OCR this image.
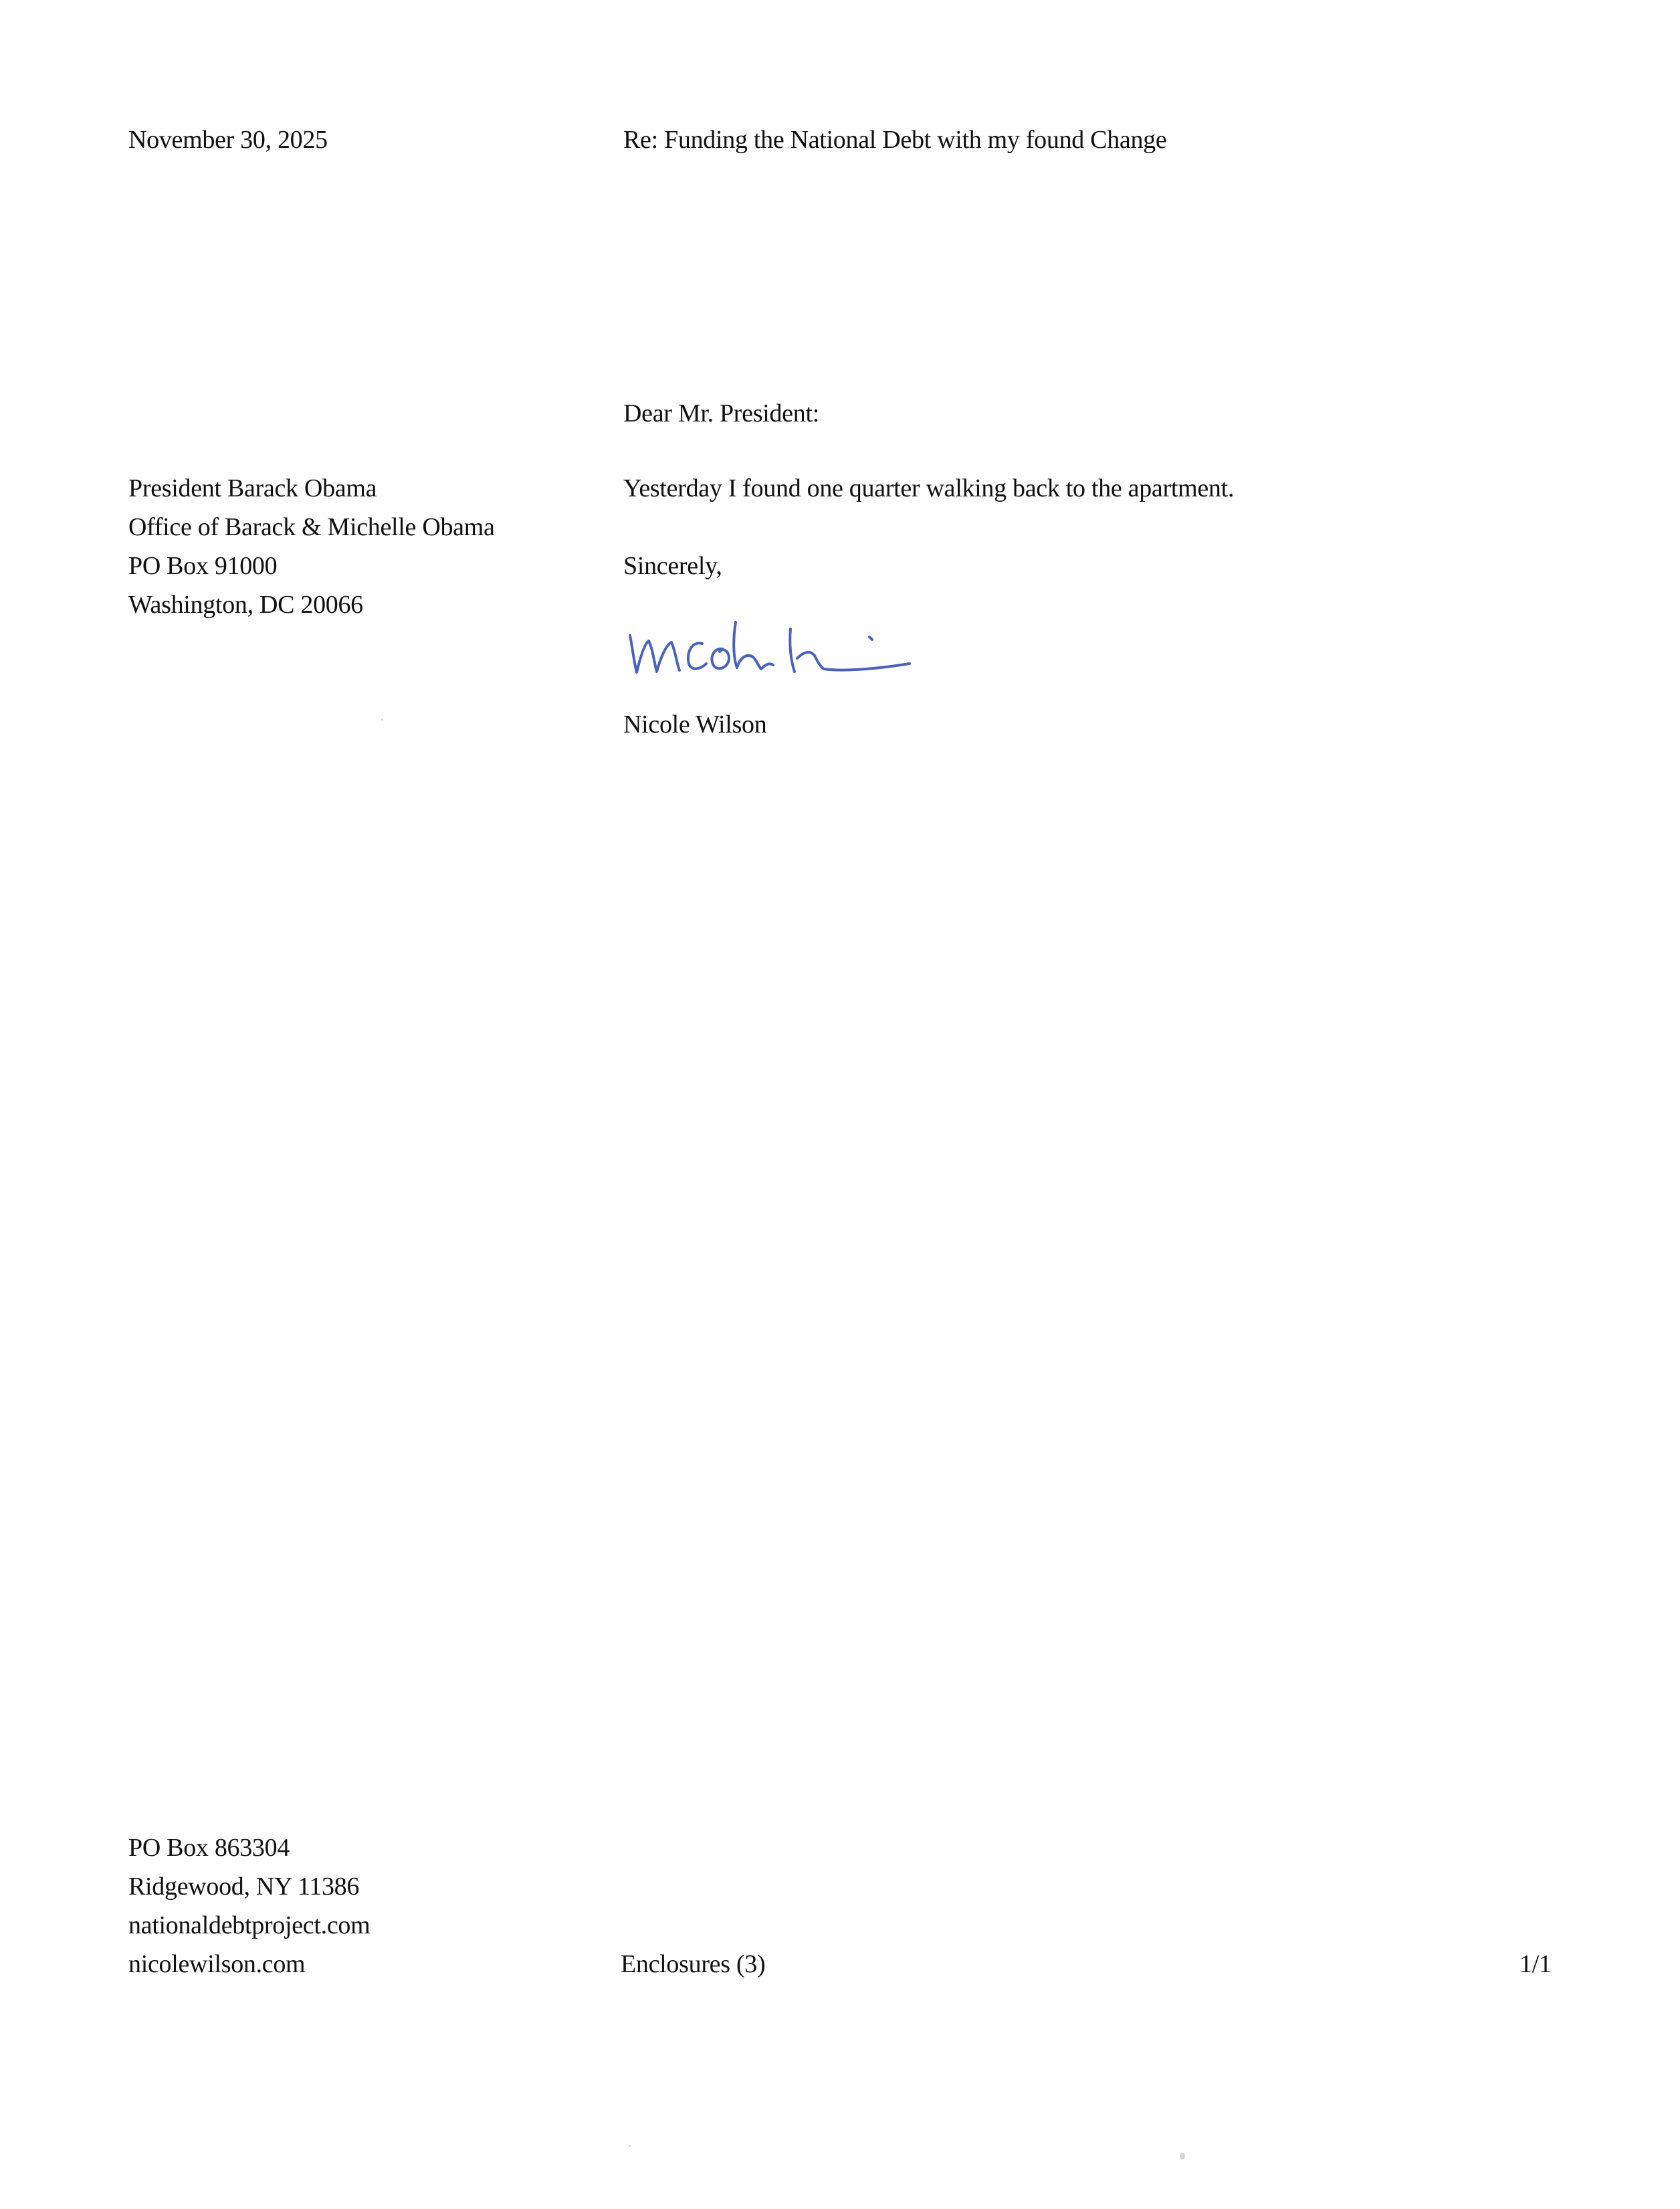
November 30, 2025	Re: Funding the National Debt with my found Change
Dear Mr. President:
President Barack Obama
Office of Barack & Michelle Obama
PO Box 91000
Washington, DC 20066
Yesterday I found one quarter walking back to the apartment.
Sincerely,
Nicole Wilson
PO Box 863304
Ridgewood, NY 11386
nationaldebtproject.com
nicolewilson.com	Enclosures (3)	1/1
